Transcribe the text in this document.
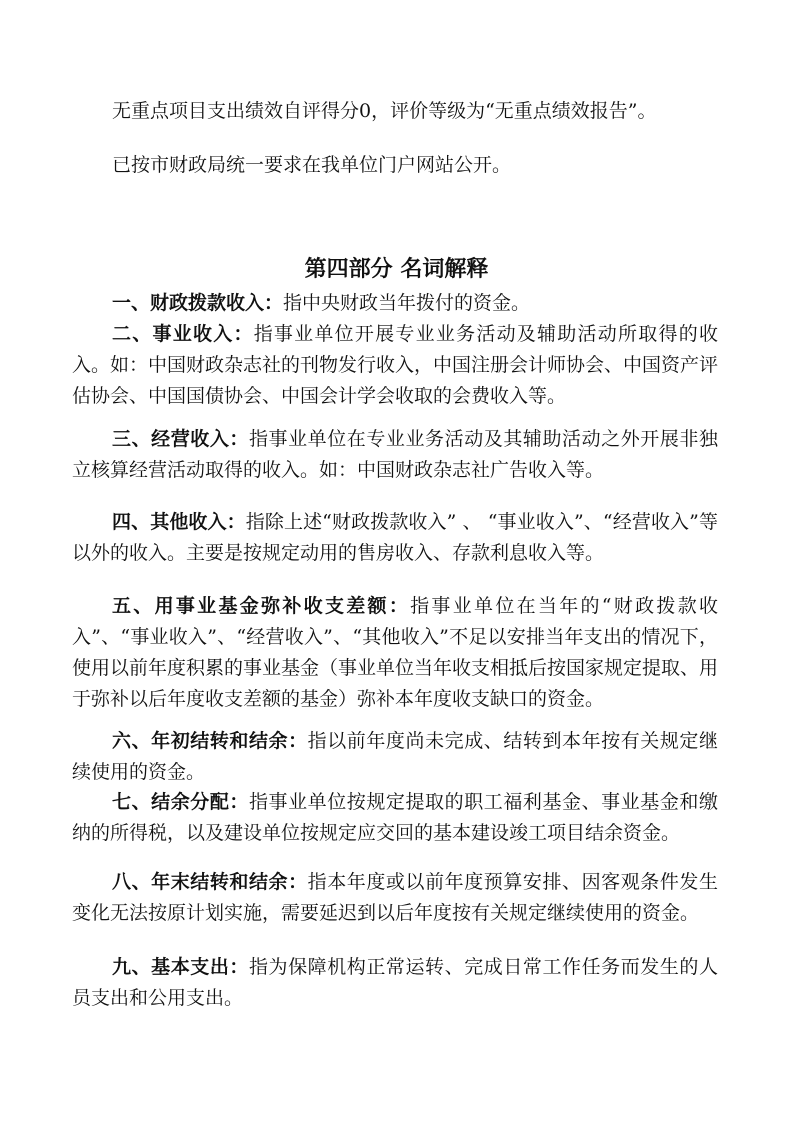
无重点项目支出绩效自评得分0，评价等级为“无重点绩效报告”。

已按市财政局统一要求在我单位门户网站公开。

第四部分 名词解释

一、财政拨款收入：指中央财政当年拨付的资金。

二、事业收入：指事业单位开展专业业务活动及辅助活动所取得的收入。如：中国财政杂志社的刊物发行收入，中国注册会计师协会、中国资产评估协会、中国国债协会、中国会计学会收取的会费收入等。

三、经营收入：指事业单位在专业业务活动及其辅助活动之外开展非独立核算经营活动取得的收入。如：中国财政杂志社广告收入等。

四、其他收入：指除上述“财政拨款收入” 、 “事业收入”、“经营收入”等以外的收入。主要是按规定动用的售房收入、存款利息收入等。

五、用事业基金弥补收支差额：指事业单位在当年的“财政拨款收入”、“事业收入”、“经营收入”、“其他收入”不足以安排当年支出的情况下，使用以前年度积累的事业基金（事业单位当年收支相抵后按国家规定提取、用于弥补以后年度收支差额的基金）弥补本年度收支缺口的资金。

六、年初结转和结余：指以前年度尚未完成、结转到本年按有关规定继续使用的资金。

七、结余分配：指事业单位按规定提取的职工福利基金、事业基金和缴纳的所得税，以及建设单位按规定应交回的基本建设竣工项目结余资金。

八、年末结转和结余：指本年度或以前年度预算安排、因客观条件发生变化无法按原计划实施，需要延迟到以后年度按有关规定继续使用的资金。

九、基本支出：指为保障机构正常运转、完成日常工作任务而发生的人员支出和公用支出。
